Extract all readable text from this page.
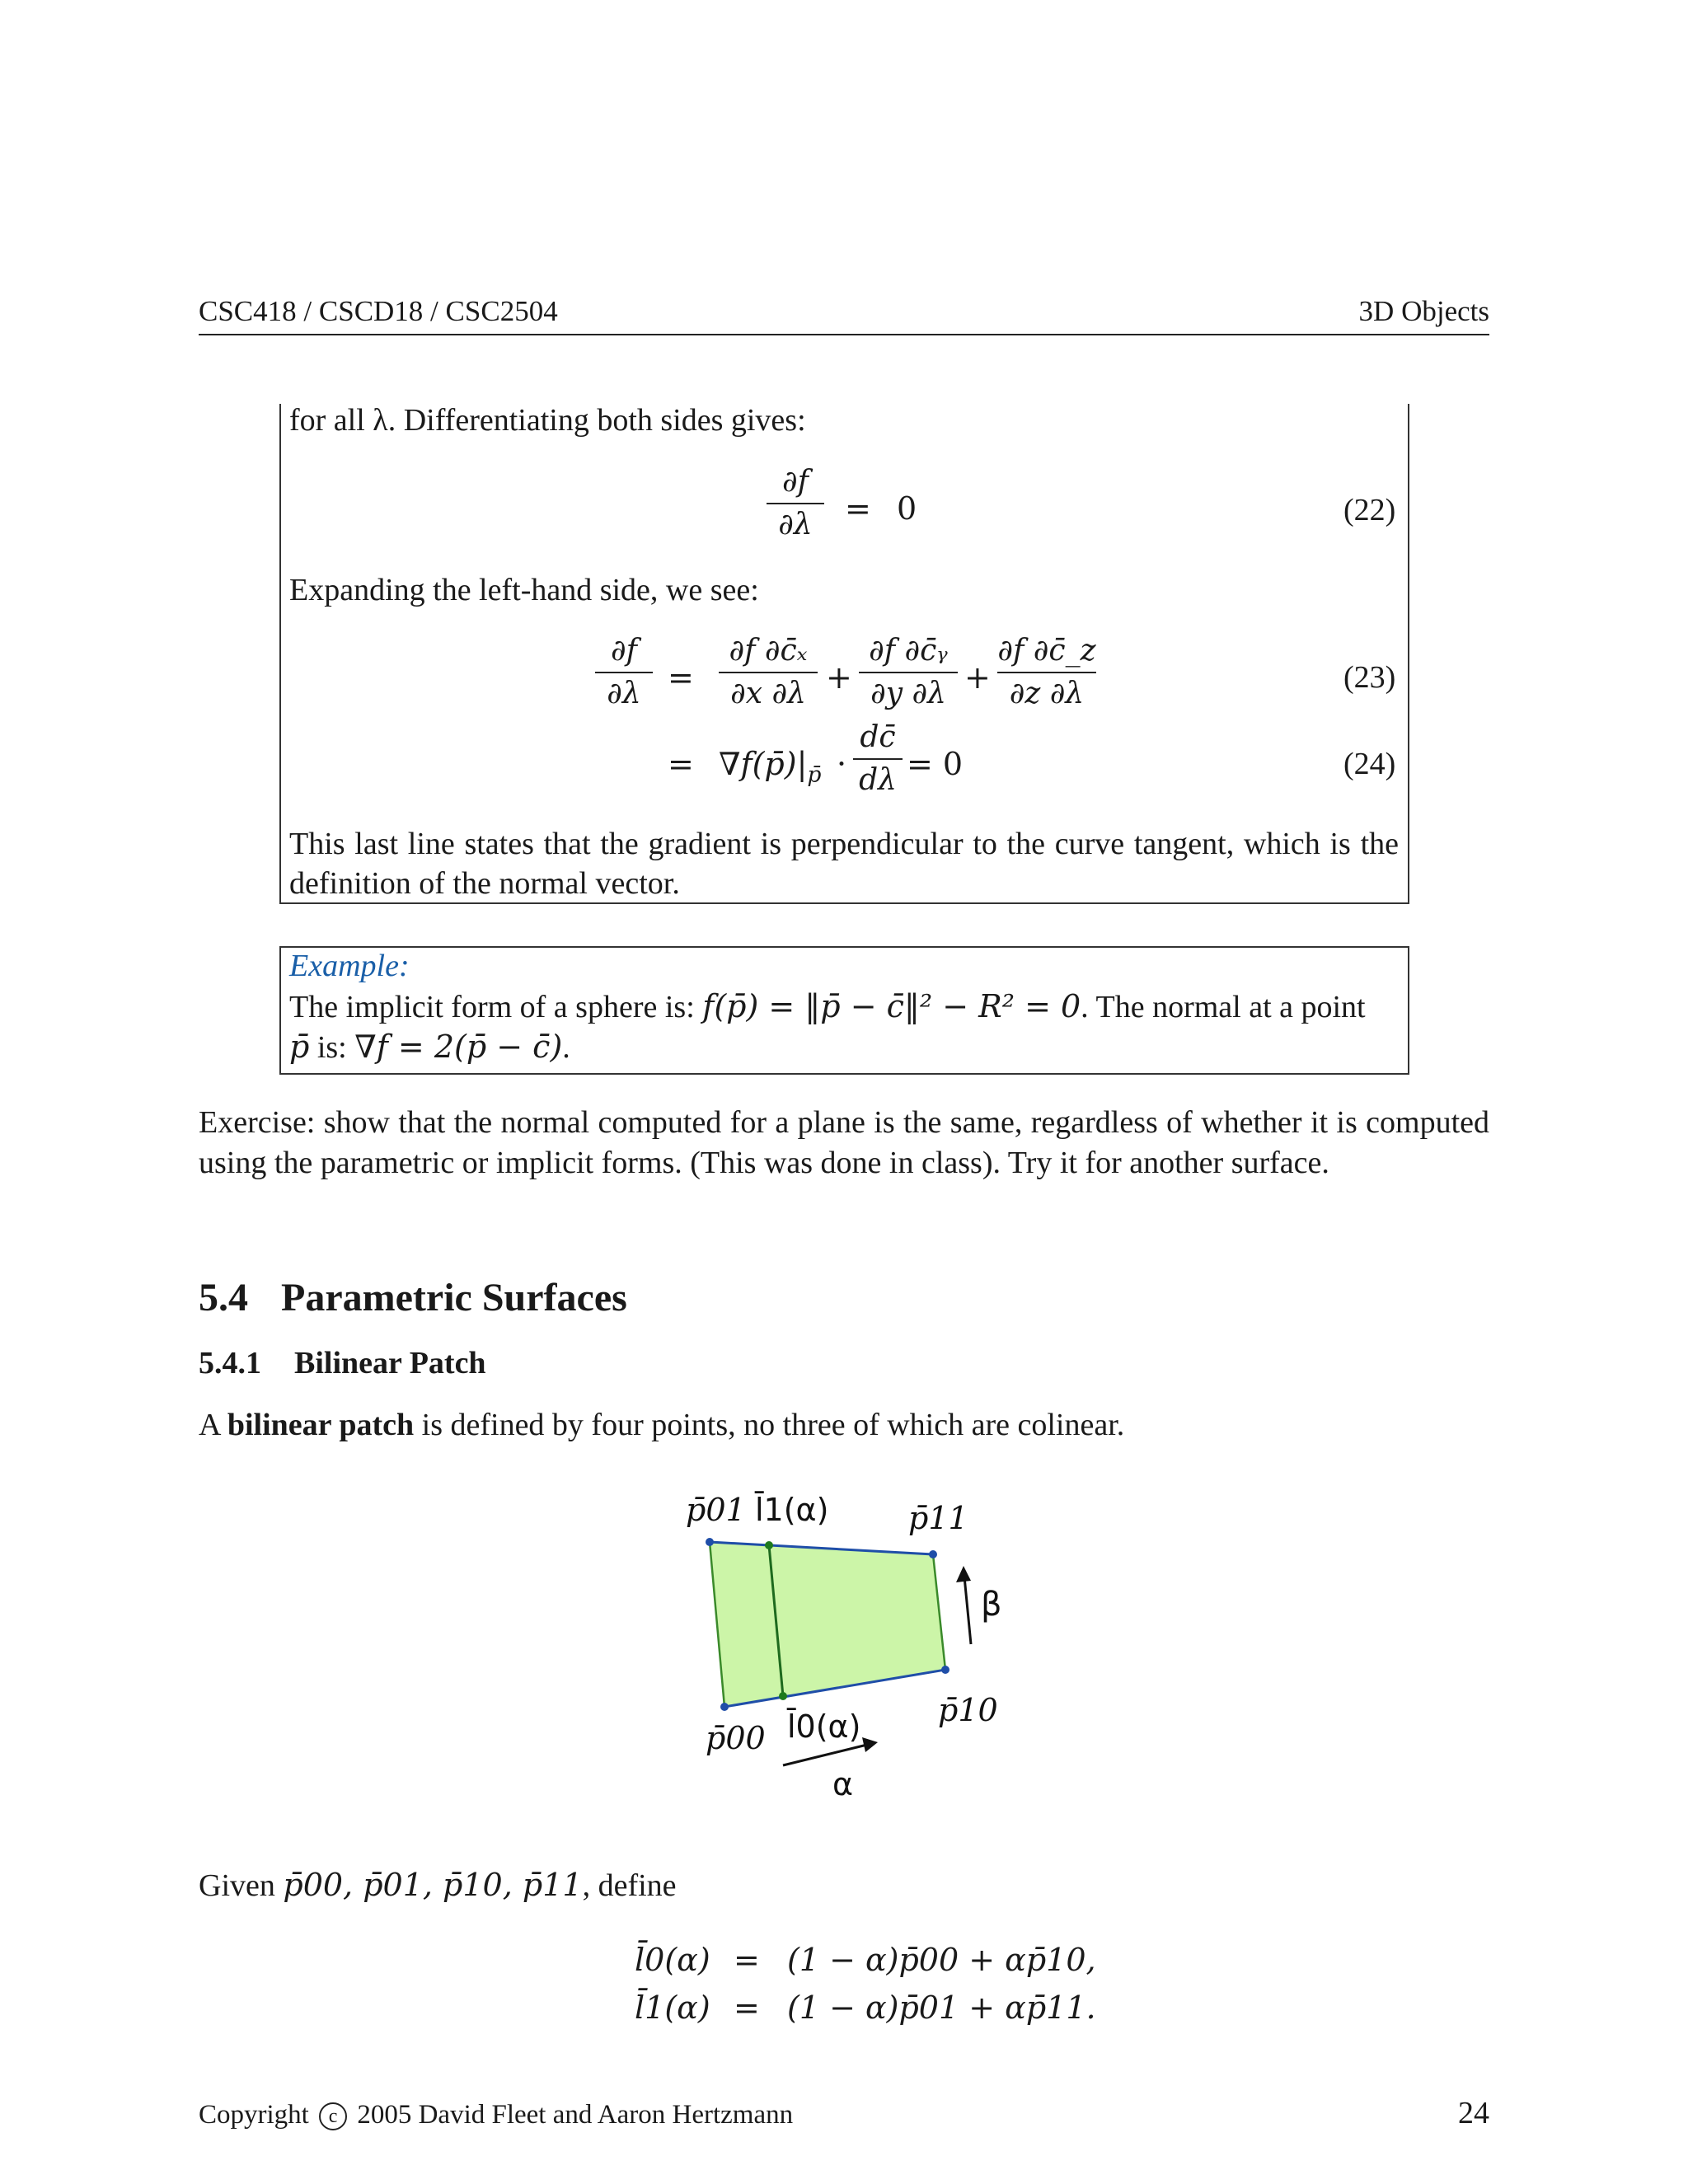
CSC418 / CSCD18 / CSC2504	3D Objects
for all λ. Differentiating both sides gives:
∂f
∂λ	= 0	(22)
Expanding the left-hand side, we see:
∂f
∂λ =
∂f ∂c̄ₓ
∂x ∂λ +
∂f ∂c̄ᵧ
∂y ∂λ +
∂f ∂c̄_z
∂z ∂λ	(23)
= $\nabla f(p̄)|_{p̄}$ ·
dc̄
dλ = 0	(24)
This last line states that the gradient is perpendicular to the curve tangent, which is the definition of the normal vector.
Example:
The implicit form of a sphere is: f(p̄) = ‖p̄ − c̄‖² − R² = 0. The normal at a point
p̄ is: ∇f = 2(p̄ − c̄).
Exercise: show that the normal computed for a plane is the same, regardless of whether it is computed using the parametric or implicit forms. (This was done in class). Try it for another surface.
5.4 Parametric Surfaces
5.4.1 Bilinear Patch
A bilinear patch is defined by four points, no three of which are colinear.
p̄01 l̄1(α)	p̄11
β
p̄10
p̄00 l̄0(α)
α
Given p̄00, p̄01, p̄10, p̄11, define
l̄0(α) = (1 − α)p̄00 + αp̄10,
l̄1(α) = (1 − α)p̄01 + αp̄11.
Copyright c 2005 David Fleet and Aaron Hertzmann	24
